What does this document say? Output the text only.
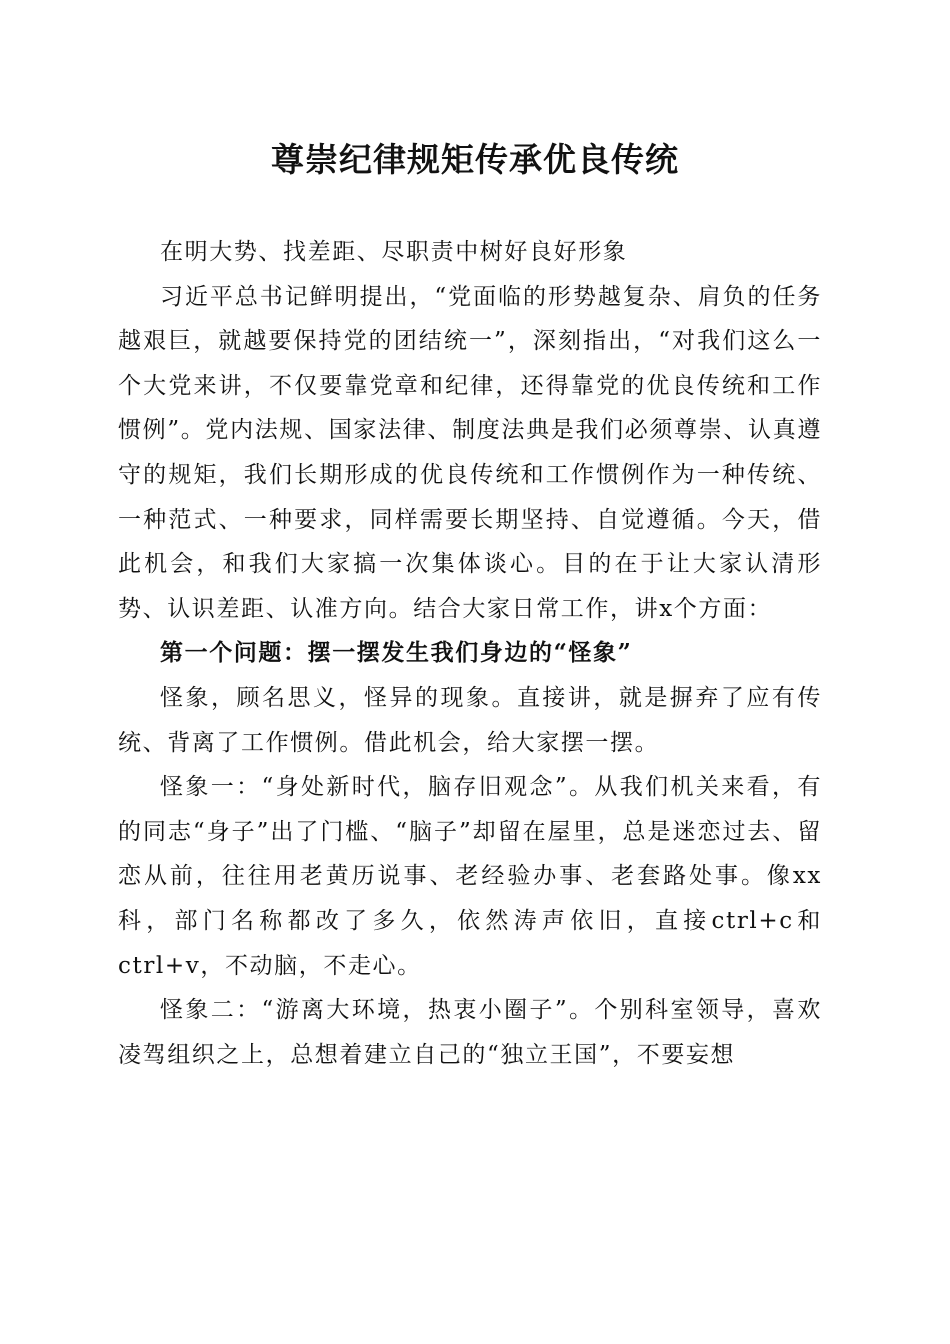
尊崇纪律规矩传承优良传统

在明大势、找差距、尽职责中树好良好形象

习近平总书记鲜明提出，“党面临的形势越复杂、肩负的任务越艰巨，就越要保持党的团结统一”，深刻指出，“对我们这么一个大党来讲，不仅要靠党章和纪律，还得靠党的优良传统和工作惯例”。党内法规、国家法律、制度法典是我们必须尊崇、认真遵守的规矩，我们长期形成的优良传统和工作惯例作为一种传统、一种范式、一种要求，同样需要长期坚持、自觉遵循。今天，借此机会，和我们大家搞一次集体谈心。目的在于让大家认清形势、认识差距、认准方向。结合大家日常工作，讲x个方面：

第一个问题：摆一摆发生我们身边的“怪象”

怪象，顾名思义，怪异的现象。直接讲，就是摒弃了应有传统、背离了工作惯例。借此机会，给大家摆一摆。

怪象一：“身处新时代，脑存旧观念”。从我们机关来看，有的同志“身子”出了门槛、“脑子”却留在屋里，总是迷恋过去、留恋从前，往往用老黄历说事、老经验办事、老套路处事。像xx科，部门名称都改了多久，依然涛声依旧，直接ctrl+c和ctrl+v，不动脑，不走心。

怪象二：“游离大环境，热衷小圈子”。个别科室领导，喜欢凌驾组织之上，总想着建立自己的“独立王国”，不要妄想
